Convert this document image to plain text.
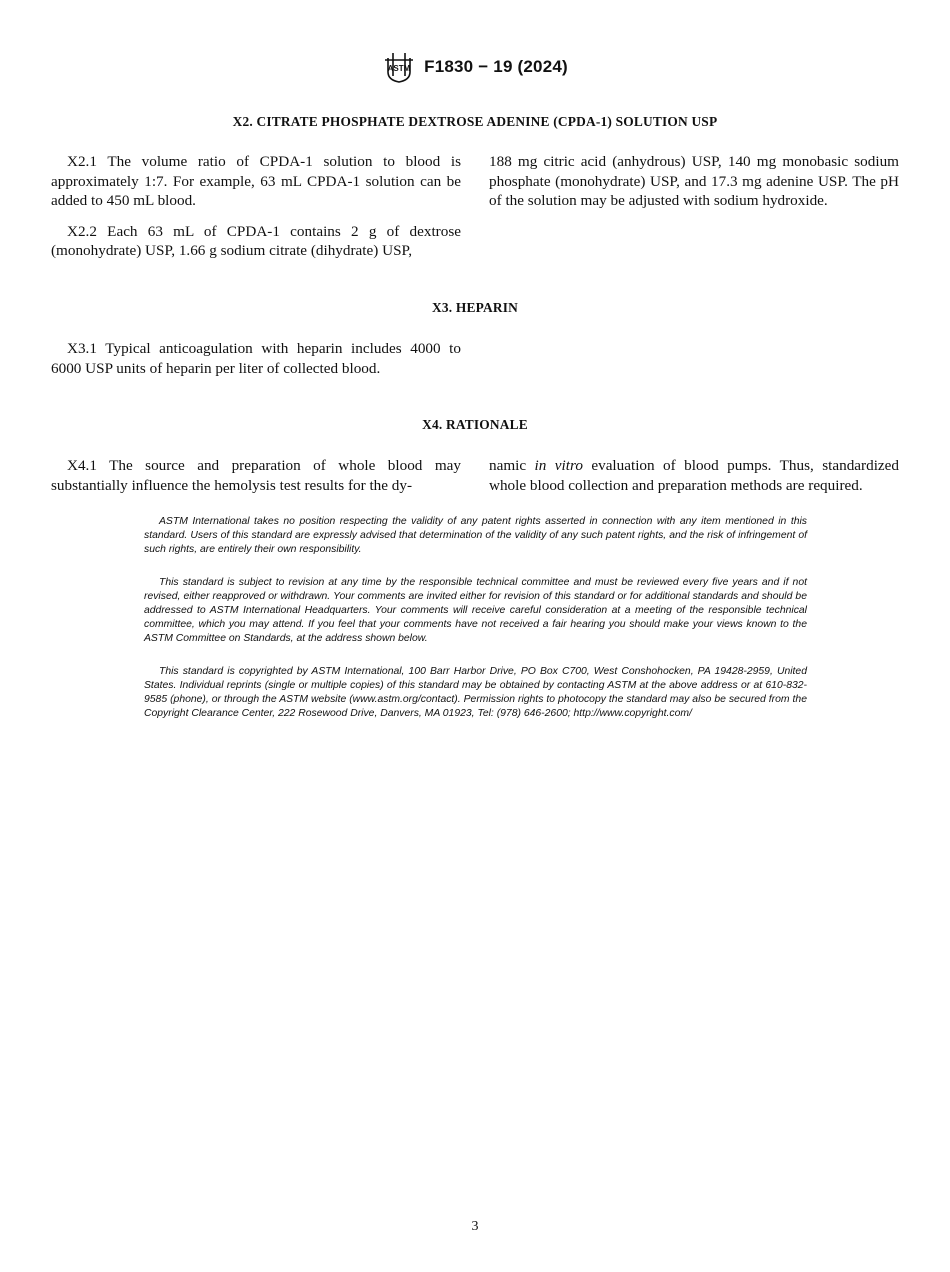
ASTM F1830 − 19 (2024)
X2. CITRATE PHOSPHATE DEXTROSE ADENINE (CPDA-1) SOLUTION USP

X2.1 The volume ratio of CPDA-1 solution to blood is approximately 1:7. For example, 63 mL CPDA-1 solution can be added to 450 mL blood.

X2.2 Each 63 mL of CPDA-1 contains 2 g of dextrose (monohydrate) USP, 1.66 g sodium citrate (dihydrate) USP,

188 mg citric acid (anhydrous) USP, 140 mg monobasic sodium phosphate (monohydrate) USP, and 17.3 mg adenine USP. The pH of the solution may be adjusted with sodium hydroxide.

X3. HEPARIN

X3.1 Typical anticoagulation with heparin includes 4000 to 6000 USP units of heparin per liter of collected blood.

X4. RATIONALE

X4.1 The source and preparation of whole blood may substantially influence the hemolysis test results for the dy-

namic in vitro evaluation of blood pumps. Thus, standardized whole blood collection and preparation methods are required.

ASTM International takes no position respecting the validity of any patent rights asserted in connection with any item mentioned in this standard. Users of this standard are expressly advised that determination of the validity of any such patent rights, and the risk of infringement of such rights, are entirely their own responsibility.

This standard is subject to revision at any time by the responsible technical committee and must be reviewed every five years and if not revised, either reapproved or withdrawn. Your comments are invited either for revision of this standard or for additional standards and should be addressed to ASTM International Headquarters. Your comments will receive careful consideration at a meeting of the responsible technical committee, which you may attend. If you feel that your comments have not received a fair hearing you should make your views known to the ASTM Committee on Standards, at the address shown below.

This standard is copyrighted by ASTM International, 100 Barr Harbor Drive, PO Box C700, West Conshohocken, PA 19428-2959, United States. Individual reprints (single or multiple copies) of this standard may be obtained by contacting ASTM at the above address or at 610-832-9585 (phone), or through the ASTM website (www.astm.org/contact). Permission rights to photocopy the standard may also be secured from the Copyright Clearance Center, 222 Rosewood Drive, Danvers, MA 01923, Tel: (978) 646-2600; http://www.copyright.com/

3
